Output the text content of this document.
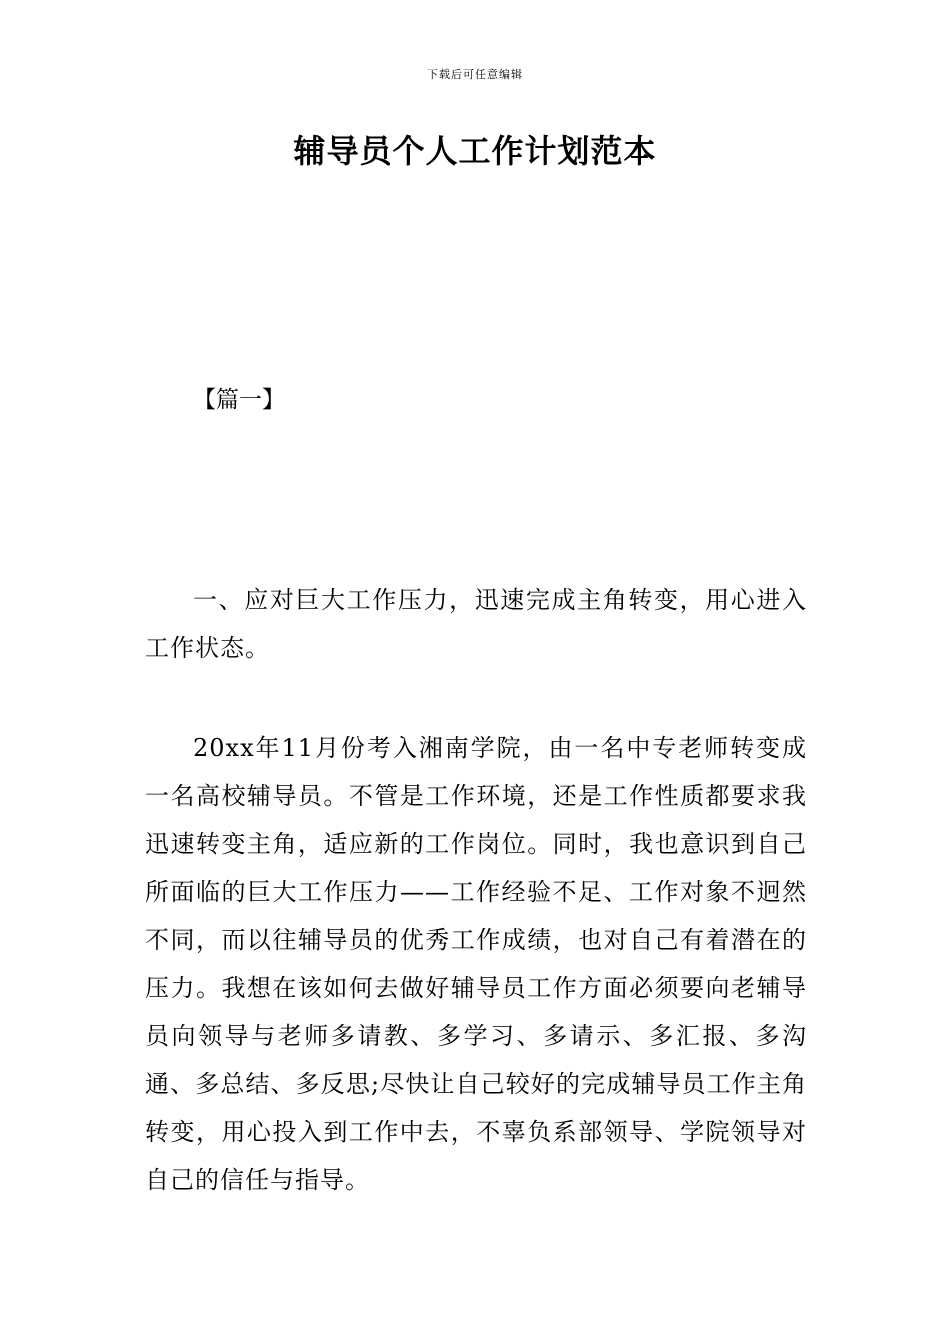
下载后可任意编辑
辅导员个人工作计划范本
【篇一】

一、应对巨大工作压力，迅速完成主角转变，用心进入工作状态。

20xx年11月份考入湘南学院，由一名中专老师转变成一名高校辅导员。不管是工作环境，还是工作性质都要求我迅速转变主角，适应新的工作岗位。同时，我也意识到自己所面临的巨大工作压力——工作经验不足、工作对象不迥然不同，而以往辅导员的优秀工作成绩，也对自己有着潜在的压力。我想在该如何去做好辅导员工作方面必须要向老辅导员向领导与老师多请教、多学习、多请示、多汇报、多沟通、多总结、多反思;尽快让自己较好的完成辅导员工作主角转变，用心投入到工作中去，不辜负系部领导、学院领导对自己的信任与指导。
